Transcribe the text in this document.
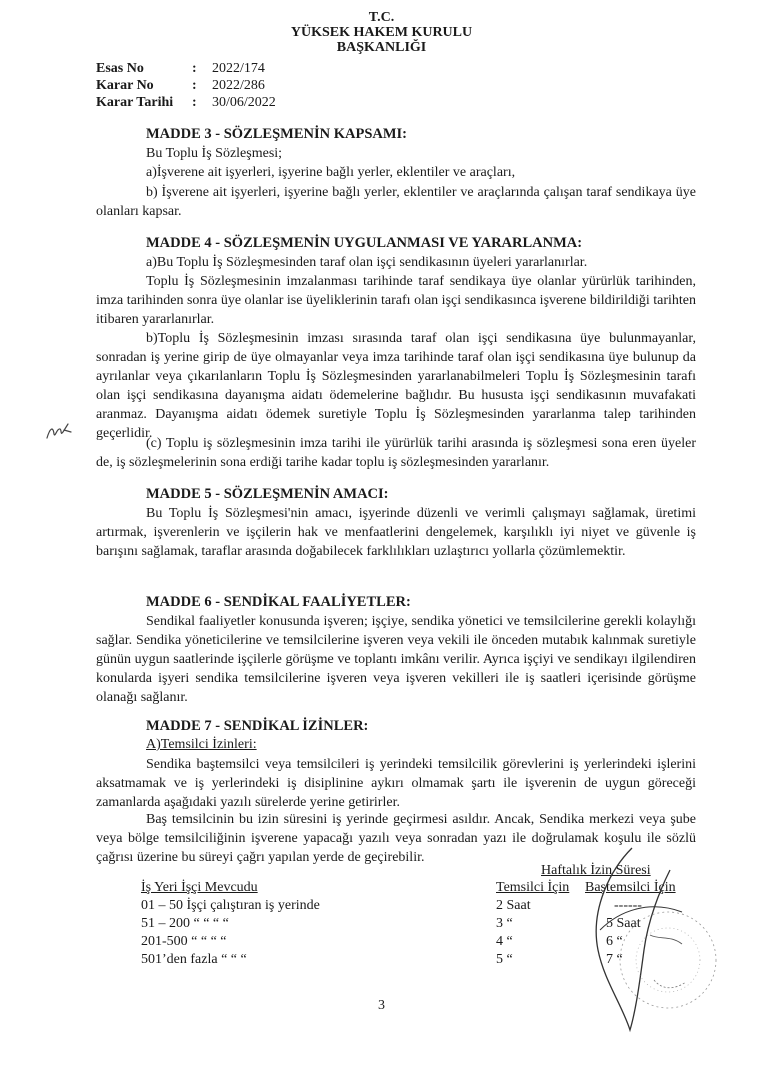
T.C.
YÜKSEK HAKEM KURULU
BAŞKANLIĞI
Esas No	:	2022/174
Karar No	:	2022/286
Karar Tarihi	:	30/06/2022
MADDE 3 - SÖZLEŞMENİN KAPSAMI:
Bu Toplu İş Sözleşmesi;
a)İşverene ait işyerleri, işyerine bağlı yerler, eklentiler ve araçları,
b) İşverene ait işyerleri, işyerine bağlı yerler, eklentiler ve araçlarında çalışan taraf sendikaya üye olanları kapsar.
MADDE 4 - SÖZLEŞMENİN UYGULANMASI VE YARARLANMA:
a)Bu Toplu İş Sözleşmesinden taraf olan işçi sendikasının üyeleri yararlanırlar.
Toplu İş Sözleşmesinin imzalanması tarihinde taraf sendikaya üye olanlar yürürlük tarihinden, imza tarihinden sonra üye olanlar ise üyeliklerinin tarafı olan işçi sendikasınca işverene bildirildiği tarihten itibaren yararlanırlar.
b)Toplu İş Sözleşmesinin imzası sırasında taraf olan işçi sendikasına üye bulunmayanlar, sonradan iş yerine girip de üye olmayanlar veya imza tarihinde taraf olan işçi sendikasına üye bulunup da ayrılanlar veya çıkarılanların Toplu İş Sözleşmesinden yararlanabilmeleri Toplu İş Sözleşmesinin tarafı olan işçi sendikasına dayanışma aidatı ödemelerine bağlıdır. Bu hususta işçi sendikasının muvafakati aranmaz. Dayanışma aidatı ödemek suretiyle Toplu İş Sözleşmesinden yararlanma talep tarihinden geçerlidir.
(c) Toplu iş sözleşmesinin imza tarihi ile yürürlük tarihi arasında iş sözleşmesi sona eren üyeler de, iş sözleşmelerinin sona erdiği tarihe kadar toplu iş sözleşmesinden yararlanır.
MADDE 5 - SÖZLEŞMENİN AMACI:
Bu Toplu İş Sözleşmesi'nin amacı, işyerinde düzenli ve verimli çalışmayı sağlamak, üretimi artırmak, işverenlerin ve işçilerin hak ve menfaatlerini dengelemek, karşılıklı iyi niyet ve güvenle iş barışını sağlamak, taraflar arasında doğabilecek farklılıkları uzlaştırıcı yollarla çözümlemektir.
MADDE 6 - SENDİKAL FAALİYETLER:
Sendikal faaliyetler konusunda işveren; işçiye, sendika yönetici ve temsilcilerine gerekli kolaylığı sağlar. Sendika yöneticilerine ve temsilcilerine işveren veya vekili ile önceden mutabık kalınmak suretiyle günün uygun saatlerinde işçilerle görüşme ve toplantı imkânı verilir. Ayrıca işçiyi ve sendikayı ilgilendiren konularda işyeri sendika temsilcilerine işveren veya işveren vekilleri ile iş saatleri içerisinde görüşme olanağı sağlanır.
MADDE 7 - SENDİKAL İZİNLER:
A)Temsilci İzinleri:
Sendika baştemsilci veya temsilcileri iş yerindeki temsilcilik görevlerini iş yerlerindeki işlerini aksatmamak ve iş yerlerindeki iş disiplinine aykırı olmamak şartı ile işverenin de uygun göreceği zamanlarda aşağıdaki yazılı sürelerde yerine getirirler.
Baş temsilcinin bu izin süresini iş yerinde geçirmesi asıldır. Ancak, Sendika merkezi veya şube veya bölge temsilciliğinin işverene yapacağı yazılı veya sonradan yazı ile doğrulamak koşulu ile sözlü çağrısı üzerine bu süreyi çağrı yapılan yerde de geçirebilir.
Haftalık İzin Süresi
İş Yeri İşçi Mevcudu	Temsilci İçin Baştemsilci İçin
01 – 50 İşçi çalıştıran iş yerinde	2 Saat	------
51 – 200 “ “ “ “	3 “	5 Saat
201-500 “ “ “ “	4 “	6 “
501’den fazla “ “ “	5 “	7 “
3
